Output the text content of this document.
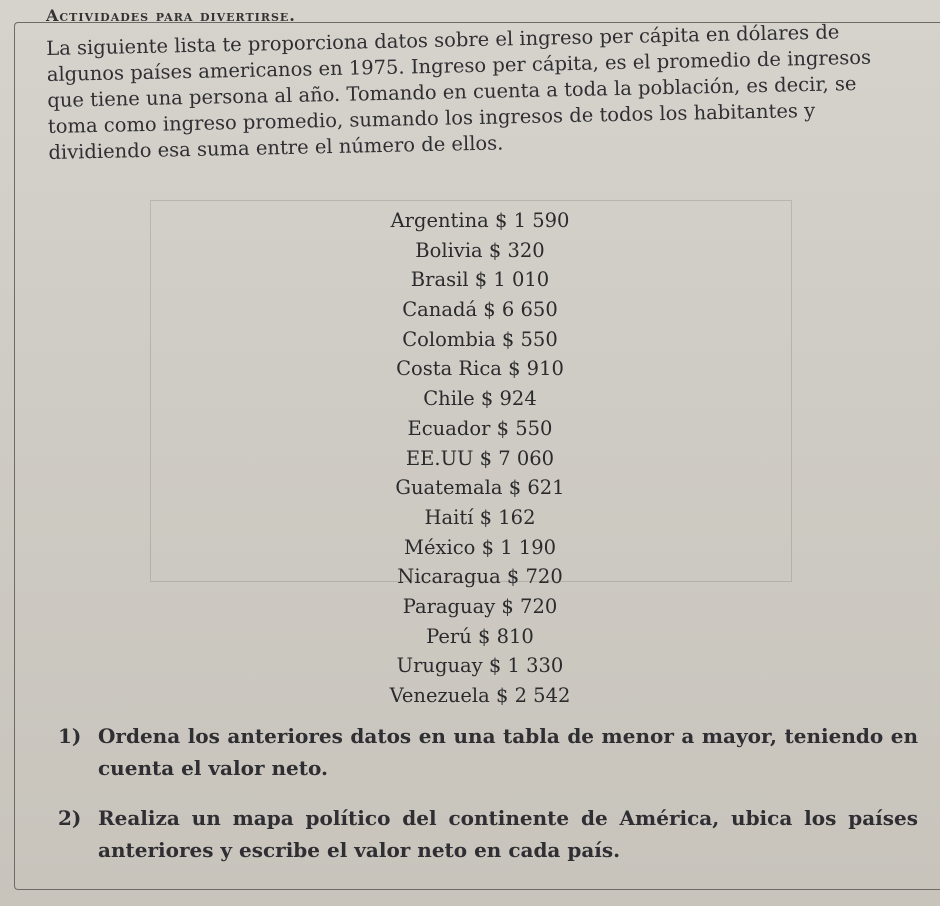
Actividades para divertirse.
La siguiente lista te proporciona datos sobre el ingreso per cápita en dólares de algunos países americanos en 1975. Ingreso per cápita, es el promedio de ingresos que tiene una persona al año. Tomando en cuenta a toda la población, es decir, se toma como ingreso promedio, sumando los ingresos de todos los habitantes y dividiendo esa suma entre el número de ellos.
Argentina $ 1 590
Bolivia $ 320
Brasil $ 1 010
Canadá $ 6 650
Colombia $ 550
Costa Rica $ 910
Chile $ 924
Ecuador $ 550
EE.UU $ 7 060
Guatemala $ 621
Haití $ 162
México $ 1 190
Nicaragua $ 720
Paraguay $ 720
Perú $ 810
Uruguay $ 1 330
Venezuela $ 2 542
1) Ordena los anteriores datos en una tabla de menor a mayor, teniendo en cuenta el valor neto.
2) Realiza un mapa político del continente de América, ubica los países anteriores y escribe el valor neto en cada país.
